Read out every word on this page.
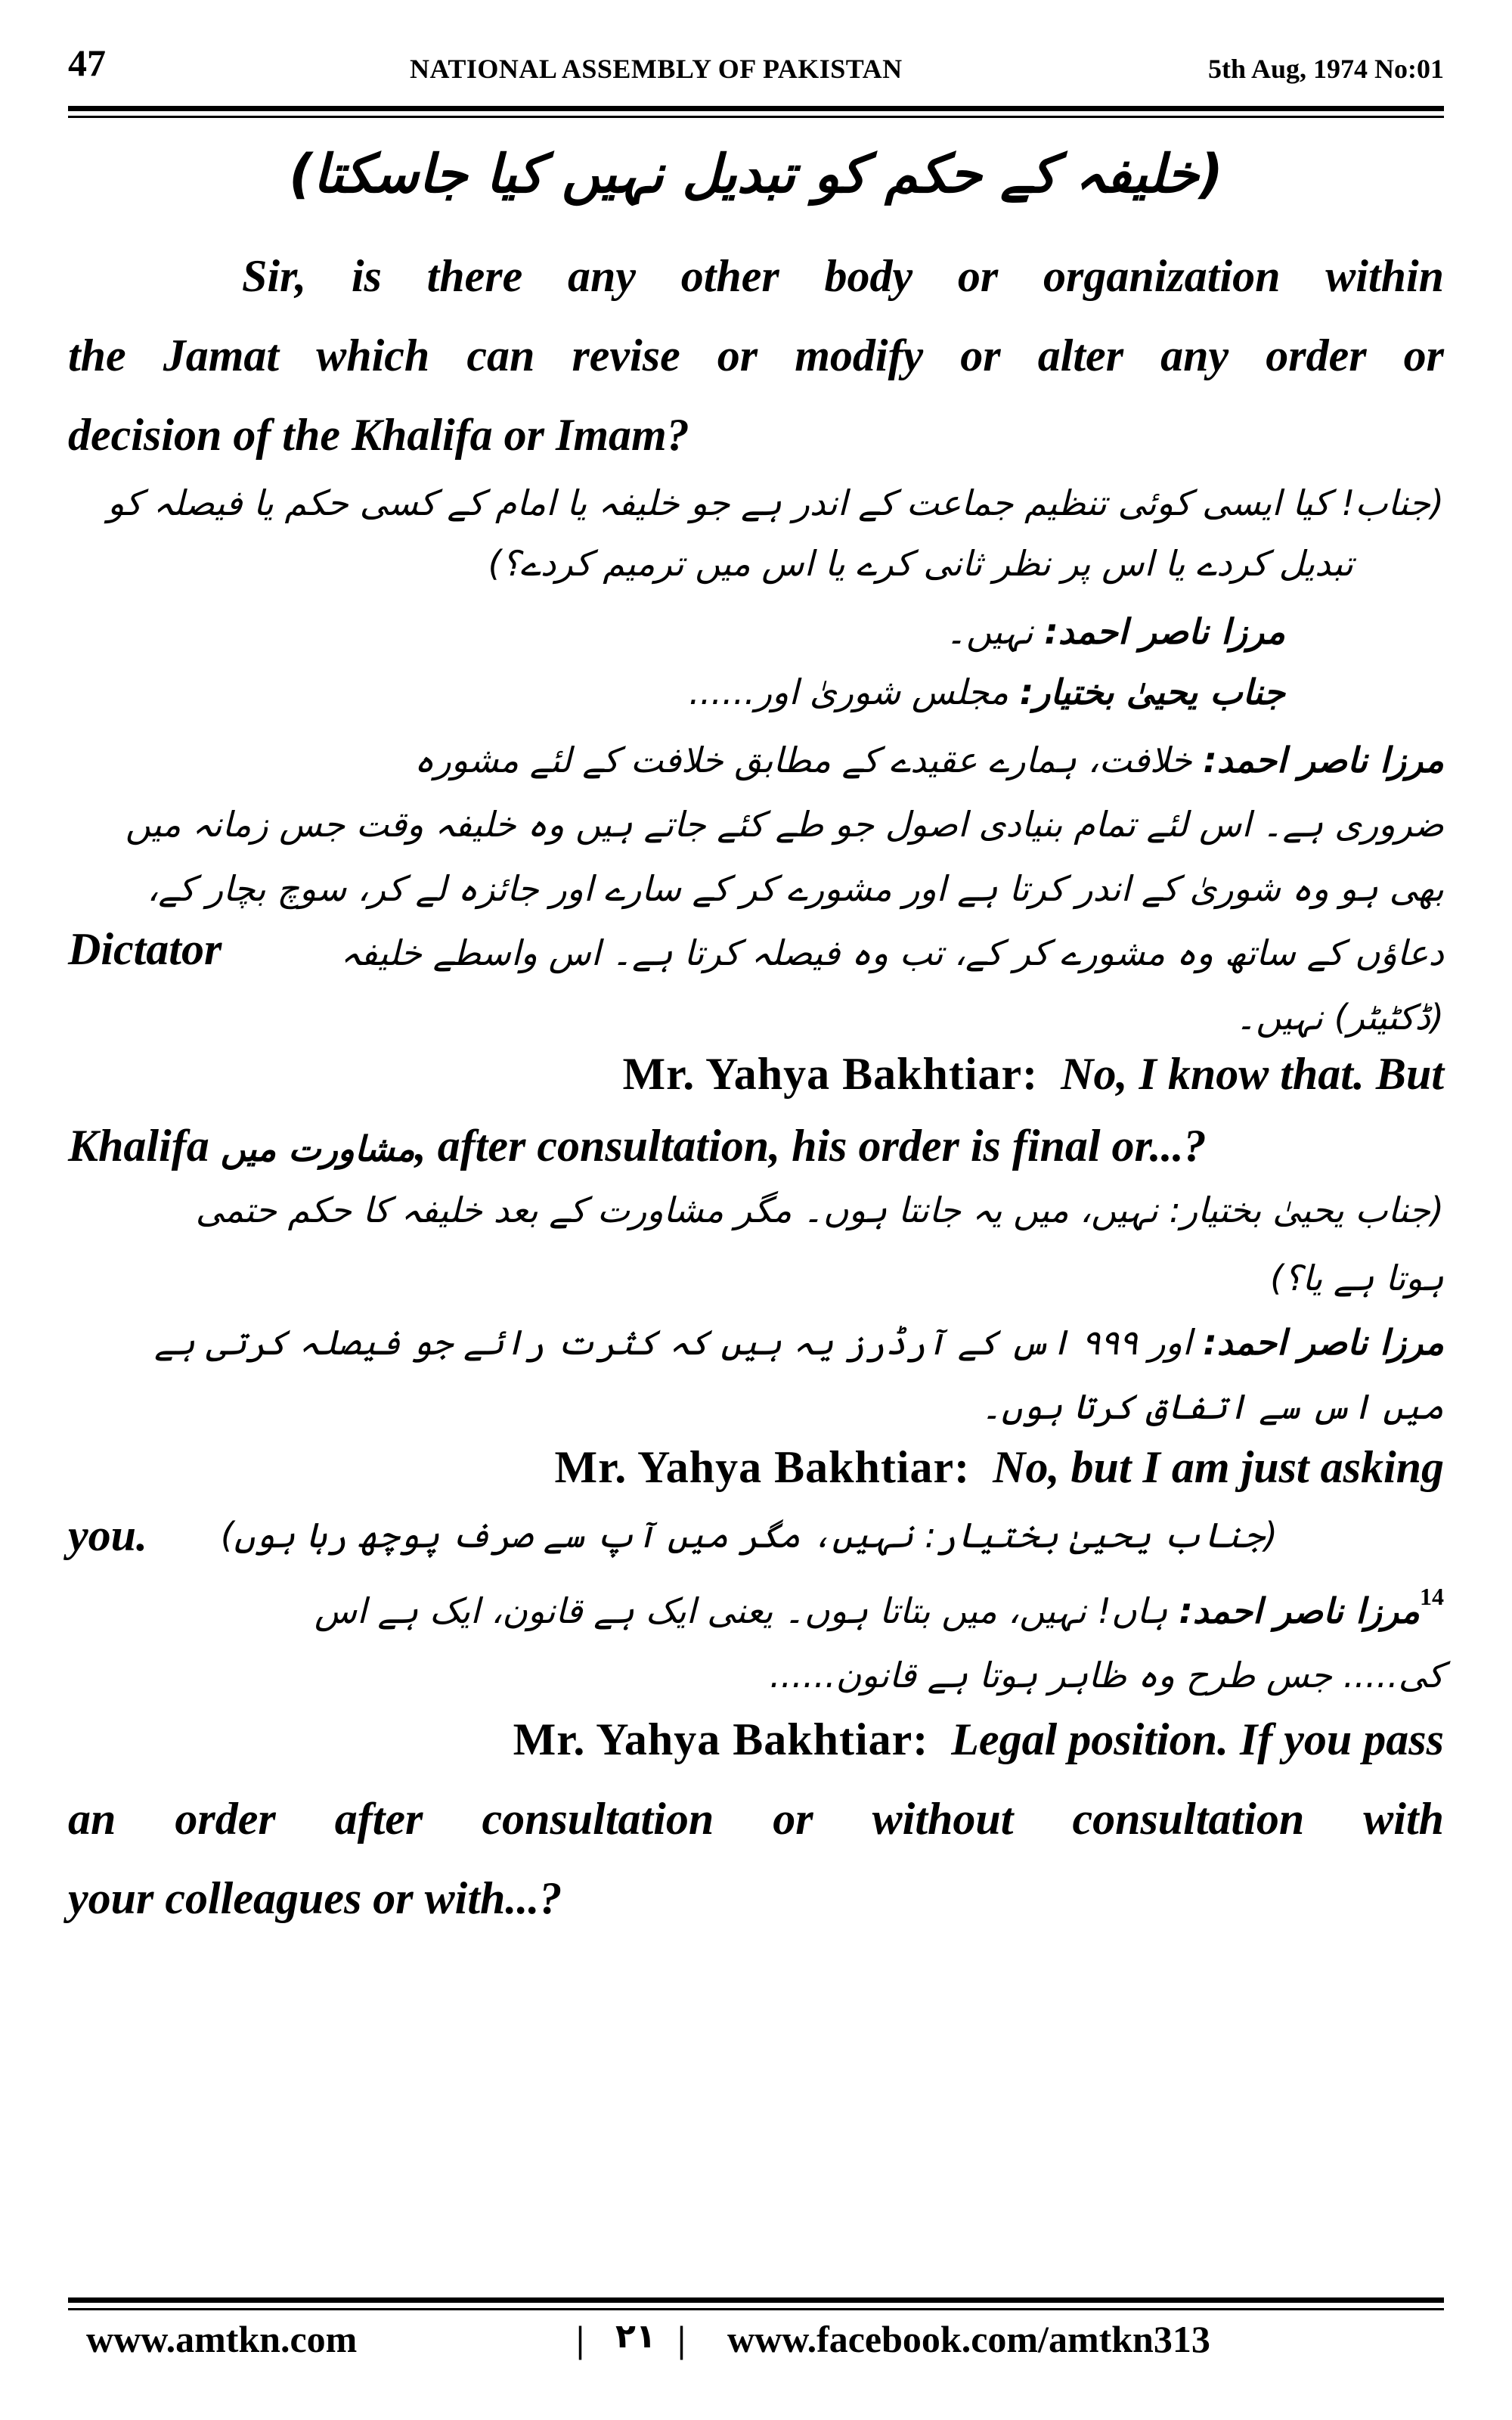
47	NATIONAL ASSEMBLY OF PAKISTAN	5th Aug, 1974 No:01
(خلیفہ کے حکم کو تبدیل نہیں کیا جاسکتا)
Sir, is there any other body or organization within
the Jamat which can revise or modify or alter any order or
decision of the Khalifa or Imam?
(جناب! کیا ایسی کوئی تنظیم جماعت کے اندر ہے جو خلیفہ یا امام کے کسی حکم یا فیصلہ کو
تبدیل کردے یا اس پر نظر ثانی کرے یا اس میں ترمیم کردے؟)
مرزا ناصر احمد: نہیں۔
جناب یحییٰ بختیار: مجلس شوریٰ اور......
مرزا ناصر احمد: خلافت، ہمارے عقیدے کے مطابق خلافت کے لئے مشورہ
ضروری ہے۔ اس لئے تمام بنیادی اصول جو طے کئے جاتے ہیں وہ خلیفہ وقت جس زمانہ میں
بھی ہو وہ شوریٰ کے اندر کرتا ہے اور مشورے کر کے سارے اور جائزہ لے کر، سوچ بچار کے،
دعاؤں کے ساتھ وہ مشورے کر کے، تب وہ فیصلہ کرتا ہے۔ اس واسطے خلیفہ
Dictator
(ڈکٹیٹر) نہیں۔
Mr. Yahya Bakhtiar: No, I know that. But
Khalifa مشاورت میں, after consultation, his order is final or...?
(جناب یحییٰ بختیار: نہیں، میں یہ جانتا ہوں۔ مگر مشاورت کے بعد خلیفہ کا حکم حتمی
ہوتا ہے یا؟)
مرزا ناصر احمد: اور ۹۹۹ اس کے آرڈرز یہ ہیں کہ کثرت رائے جو فیصلہ کرتی ہے
میں اس سے اتفاق کرتا ہوں۔
Mr. Yahya Bakhtiar: No, but I am just asking
you. (جناب یحییٰ بختیار: نہیں، مگر میں آپ سے صرف پوچھ رہا ہوں)
$^{14}$مرزا ناصر احمد: ہاں! نہیں، میں بتاتا ہوں۔ یعنی ایک ہے قانون، ایک ہے اس
کی..... جس طرح وہ ظاہر ہوتا ہے قانون......
Mr. Yahya Bakhtiar: Legal position. If you pass
an order after consultation or without consultation with
your colleagues or with...?
www.amtkn.com	| ۲۱ | www.facebook.com/amtkn313
